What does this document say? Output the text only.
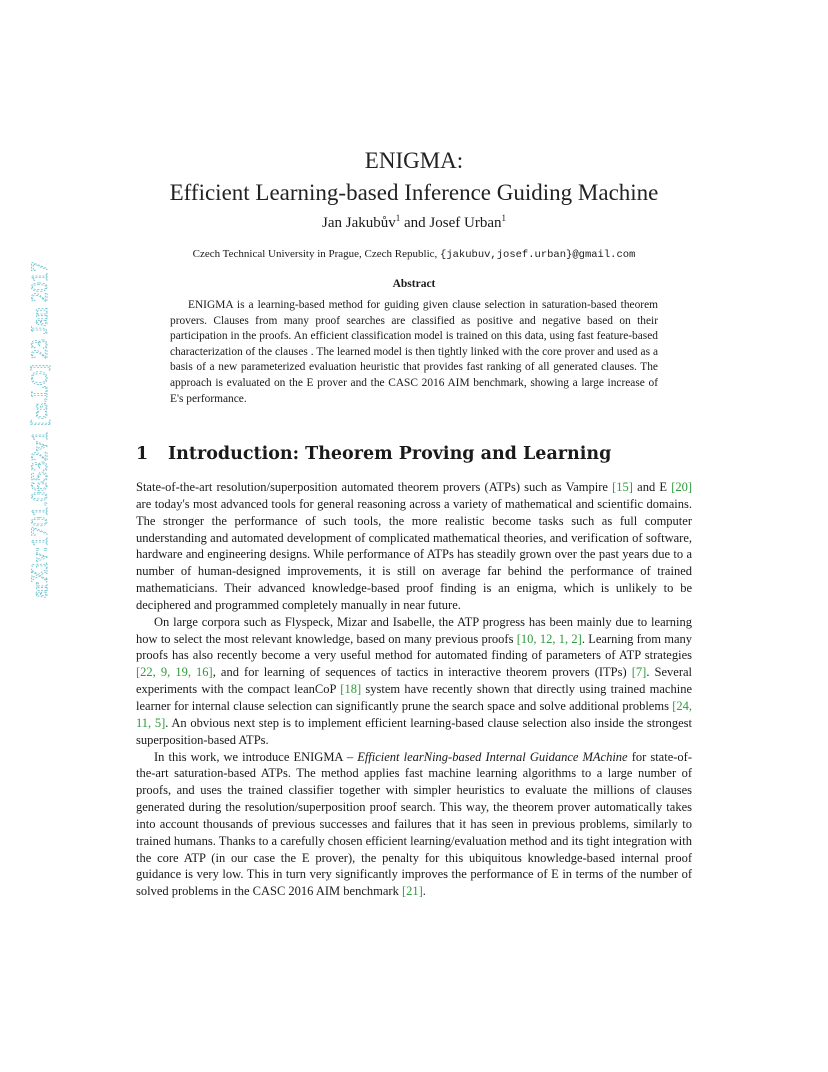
arXiv:1701.06532v1 [cs.LO] 23 Jan 2017
ENIGMA:
Efficient Learning-based Inference Guiding Machine
Jan Jakubův$^1$ and Josef Urban$^1$
Czech Technical University in Prague, Czech Republic, {jakubuv,josef.urban}@gmail.com
Abstract

ENIGMA is a learning-based method for guiding given clause selection in saturation-based theorem provers. Clauses from many proof searches are classified as positive and negative based on their participation in the proofs. An efficient classification model is trained on this data, using fast feature-based characterization of the clauses . The learned model is then tightly linked with the core prover and used as a basis of a new parameterized evaluation heuristic that provides fast ranking of all generated clauses. The approach is evaluated on the E prover and the CASC 2016 AIM benchmark, showing a large increase of E's performance.

1 Introduction: Theorem Proving and Learning

State-of-the-art resolution/superposition automated theorem provers (ATPs) such as Vampire [15] and E [20] are today's most advanced tools for general reasoning across a variety of mathematical and scientific domains. The stronger the performance of such tools, the more realistic become tasks such as full computer understanding and automated development of complicated mathematical theories, and verification of software, hardware and engineering designs. While performance of ATPs has steadily grown over the past years due to a number of human-designed improvements, it is still on average far behind the performance of trained mathematicians. Their advanced knowledge-based proof finding is an enigma, which is unlikely to be deciphered and programmed completely manually in near future.

On large corpora such as Flyspeck, Mizar and Isabelle, the ATP progress has been mainly due to learning how to select the most relevant knowledge, based on many previous proofs [10, 12, 1, 2]. Learning from many proofs has also recently become a very useful method for automated finding of parameters of ATP strategies [22, 9, 19, 16], and for learning of sequences of tactics in interactive theorem provers (ITPs) [7]. Several experiments with the compact leanCoP [18] system have recently shown that directly using trained machine learner for internal clause selection can significantly prune the search space and solve additional problems [24, 11, 5]. An obvious next step is to implement efficient learning-based clause selection also inside the strongest superposition-based ATPs.

In this work, we introduce ENIGMA – Efficient learNing-based Internal Guidance MAchine for state-of-the-art saturation-based ATPs. The method applies fast machine learning algorithms to a large number of proofs, and uses the trained classifier together with simpler heuristics to evaluate the millions of clauses generated during the resolution/superposition proof search. This way, the theorem prover automatically takes into account thousands of previous successes and failures that it has seen in previous problems, similarly to trained humans. Thanks to a carefully chosen efficient learning/evaluation method and its tight integration with the core ATP (in our case the E prover), the penalty for this ubiquitous knowledge-based internal proof guidance is very low. This in turn very significantly improves the performance of E in terms of the number of solved problems in the CASC 2016 AIM benchmark [21].
